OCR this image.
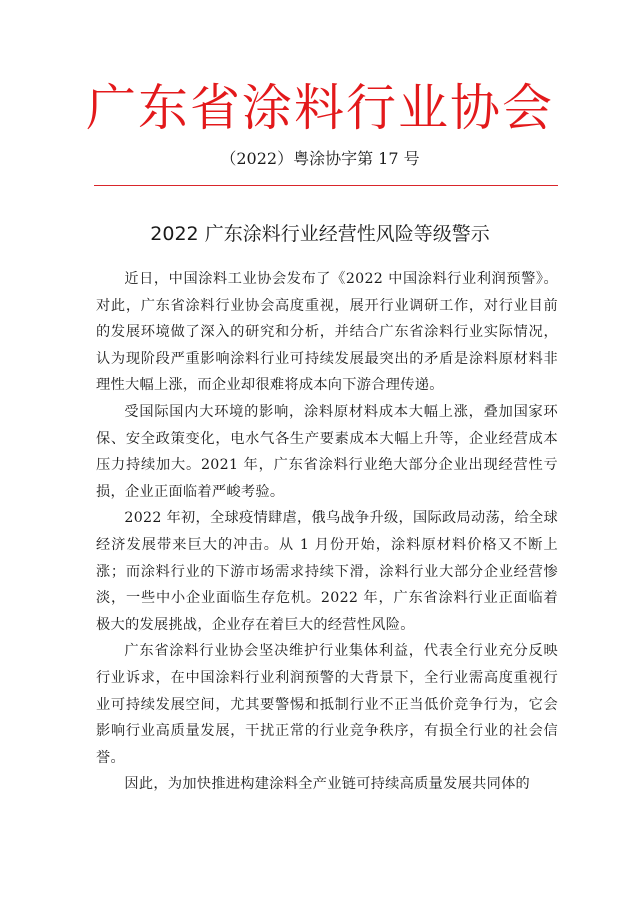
广东省涂料行业协会
（2022）粤涂协字第 17 号
2022 广东涂料行业经营性风险等级警示

近日，中国涂料工业协会发布了《2022 中国涂料行业利润预警》。对此，广东省涂料行业协会高度重视，展开行业调研工作，对行业目前的发展环境做了深入的研究和分析，并结合广东省涂料行业实际情况，认为现阶段严重影响涂料行业可持续发展最突出的矛盾是涂料原材料非理性大幅上涨，而企业却很难将成本向下游合理传递。

受国际国内大环境的影响，涂料原材料成本大幅上涨，叠加国家环保、安全政策变化，电水气各生产要素成本大幅上升等，企业经营成本压力持续加大。2021 年，广东省涂料行业绝大部分企业出现经营性亏损，企业正面临着严峻考验。

2022 年初，全球疫情肆虐，俄乌战争升级，国际政局动荡，给全球经济发展带来巨大的冲击。从 1 月份开始，涂料原材料价格又不断上涨；而涂料行业的下游市场需求持续下滑，涂料行业大部分企业经营惨淡，一些中小企业面临生存危机。2022 年，广东省涂料行业正面临着极大的发展挑战，企业存在着巨大的经营性风险。

广东省涂料行业协会坚决维护行业集体利益，代表全行业充分反映行业诉求，在中国涂料行业利润预警的大背景下，全行业需高度重视行业可持续发展空间，尤其要警惕和抵制行业不正当低价竞争行为，它会影响行业高质量发展，干扰正常的行业竞争秩序，有损全行业的社会信誉。

因此，为加快推进构建涂料全产业链可持续高质量发展共同体的
